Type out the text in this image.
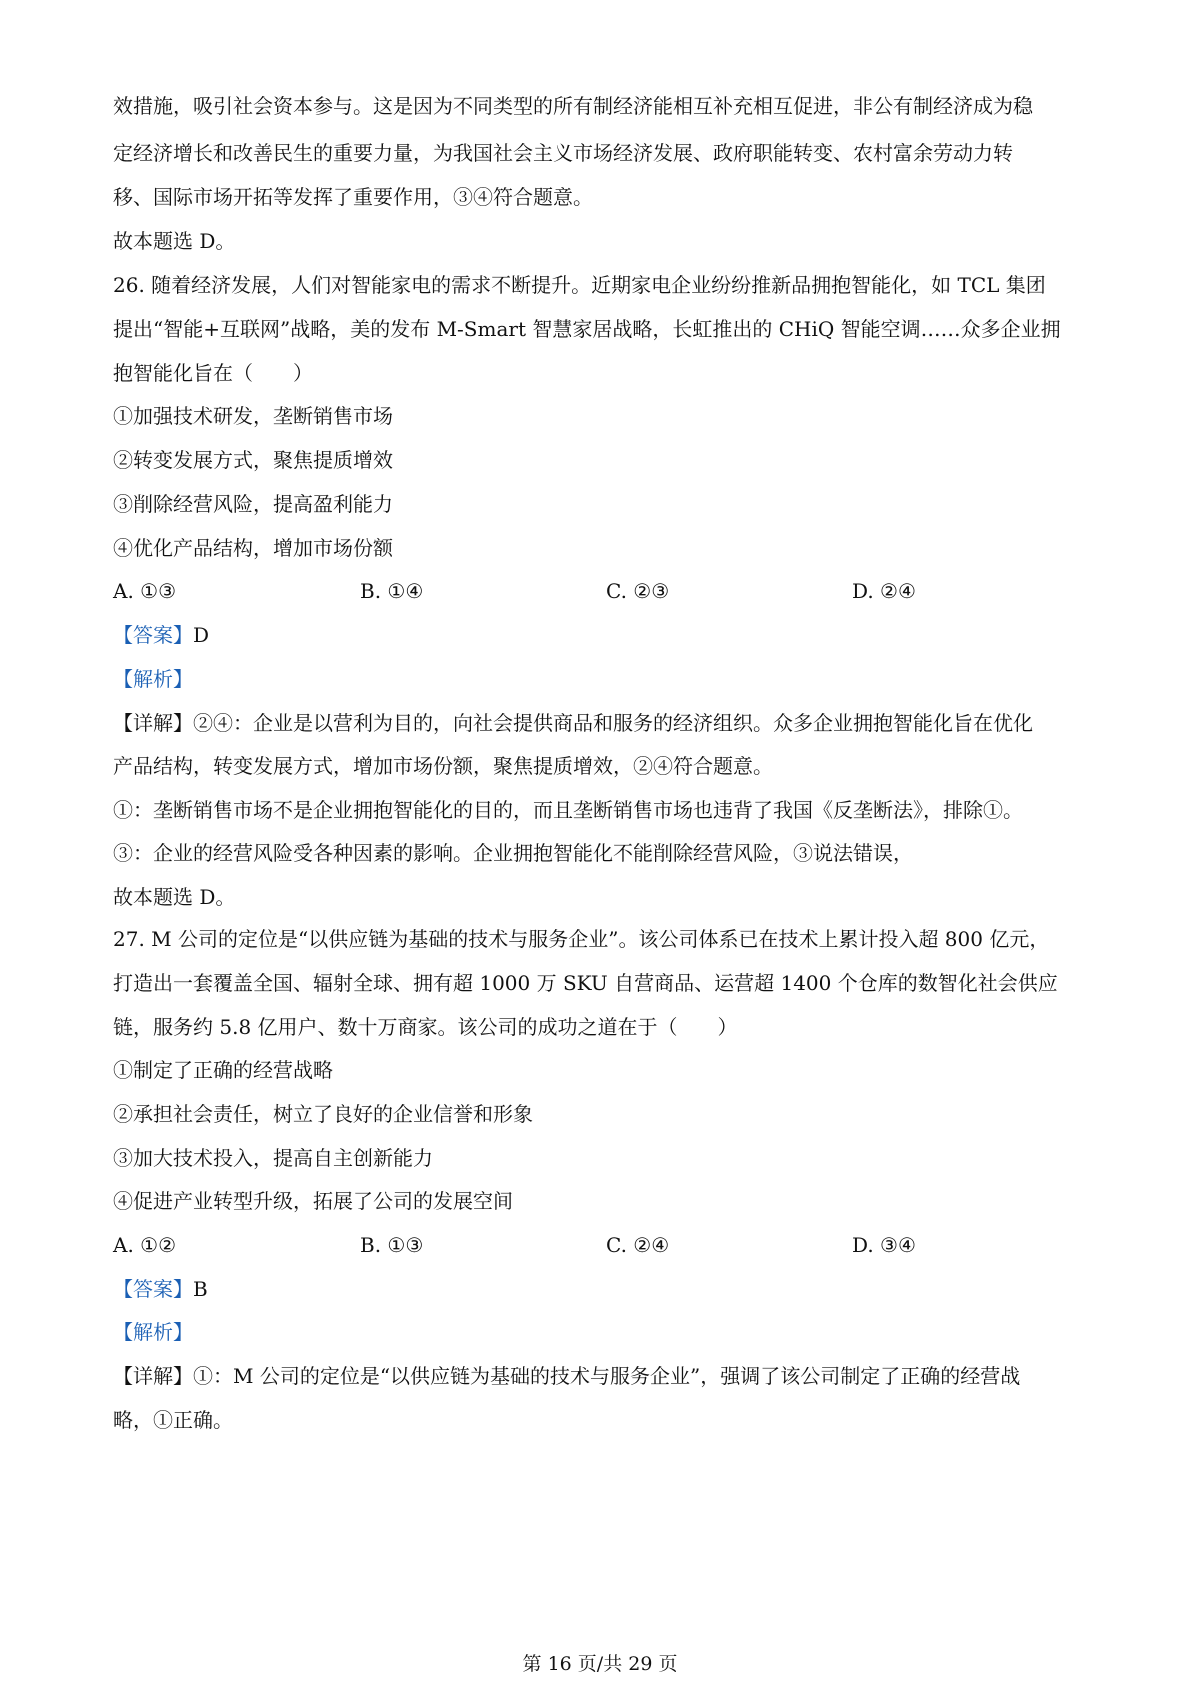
效措施，吸引社会资本参与。这是因为不同类型的所有制经济能相互补充相互促进，非公有制经济成为稳
定经济增长和改善民生的重要力量，为我国社会主义市场经济发展、政府职能转变、农村富余劳动力转
移、国际市场开拓等发挥了重要作用，③④符合题意。
故本题选 D。
26. 随着经济发展，人们对智能家电的需求不断提升。近期家电企业纷纷推新品拥抱智能化，如 TCL 集团
提出“智能+互联网”战略，美的发布 M-Smart 智慧家居战略，长虹推出的 CHiQ 智能空调……众多企业拥
抱智能化旨在（　　）
①加强技术研发，垄断销售市场
②转变发展方式，聚焦提质增效
③削除经营风险，提高盈利能力
④优化产品结构，增加市场份额
A. ①③	B. ①④	C. ②③	D. ②④
【答案】D
【解析】
【详解】②④：企业是以营利为目的，向社会提供商品和服务的经济组织。众多企业拥抱智能化旨在优化
产品结构，转变发展方式，增加市场份额，聚焦提质增效，②④符合题意。
①：垄断销售市场不是企业拥抱智能化的目的，而且垄断销售市场也违背了我国《反垄断法》，排除①。
③：企业的经营风险受各种因素的影响。企业拥抱智能化不能削除经营风险，③说法错误，
故本题选 D。
27. M 公司的定位是“以供应链为基础的技术与服务企业”。该公司体系已在技术上累计投入超 800 亿元，
打造出一套覆盖全国、辐射全球、拥有超 1000 万 SKU 自营商品、运营超 1400 个仓库的数智化社会供应
链，服务约 5.8 亿用户、数十万商家。该公司的成功之道在于（　　）
①制定了正确的经营战略
②承担社会责任，树立了良好的企业信誉和形象
③加大技术投入，提高自主创新能力
④促进产业转型升级，拓展了公司的发展空间
A. ①②	B. ①③	C. ②④	D. ③④
【答案】B
【解析】
【详解】①：M 公司的定位是“以供应链为基础的技术与服务企业”，强调了该公司制定了正确的经营战
略，①正确。
第 16 页/共 29 页
